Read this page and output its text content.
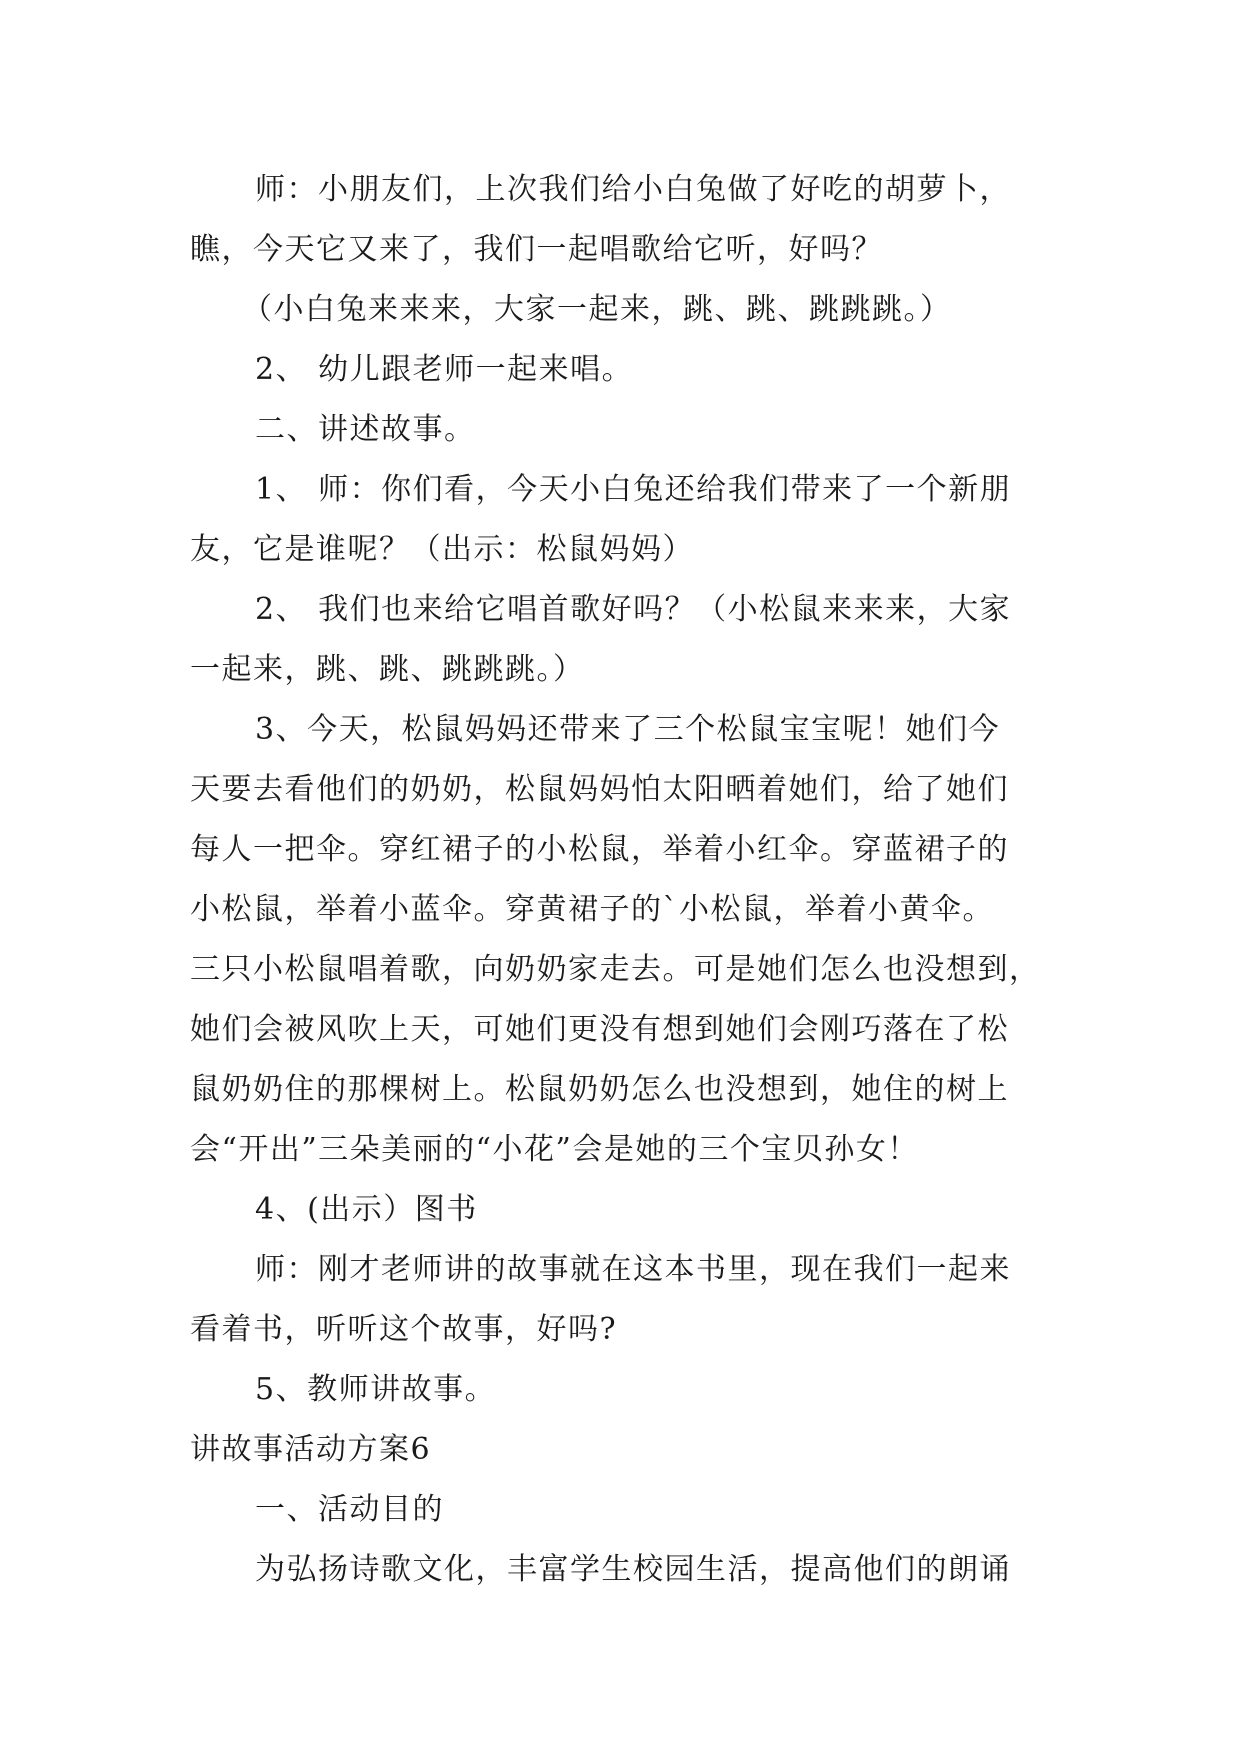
师：小朋友们，上次我们给小白兔做了好吃的胡萝卜，
瞧，今天它又来了，我们一起唱歌给它听，好吗？
（小白兔来来来，大家一起来，跳、跳、跳跳跳。）
2、 幼儿跟老师一起来唱。
二、讲述故事。
1、 师：你们看，今天小白兔还给我们带来了一个新朋
友，它是谁呢？（出示：松鼠妈妈）
2、 我们也来给它唱首歌好吗？（小松鼠来来来，大家
一起来，跳、跳、跳跳跳。）
3、今天，松鼠妈妈还带来了三个松鼠宝宝呢！她们今
天要去看他们的奶奶，松鼠妈妈怕太阳晒着她们，给了她们
每人一把伞。穿红裙子的小松鼠，举着小红伞。穿蓝裙子的
小松鼠，举着小蓝伞。穿黄裙子的`小松鼠，举着小黄伞。
三只小松鼠唱着歌，向奶奶家走去。可是她们怎么也没想到，
她们会被风吹上天，可她们更没有想到她们会刚巧落在了松
鼠奶奶住的那棵树上。松鼠奶奶怎么也没想到，她住的树上
会“开出”三朵美丽的“小花”会是她的三个宝贝孙女！
4、(出示）图书
师：刚才老师讲的故事就在这本书里，现在我们一起来
看着书，听听这个故事，好吗?
5、教师讲故事。
讲故事活动方案6
一、活动目的
为弘扬诗歌文化，丰富学生校园生活，提高他们的朗诵
